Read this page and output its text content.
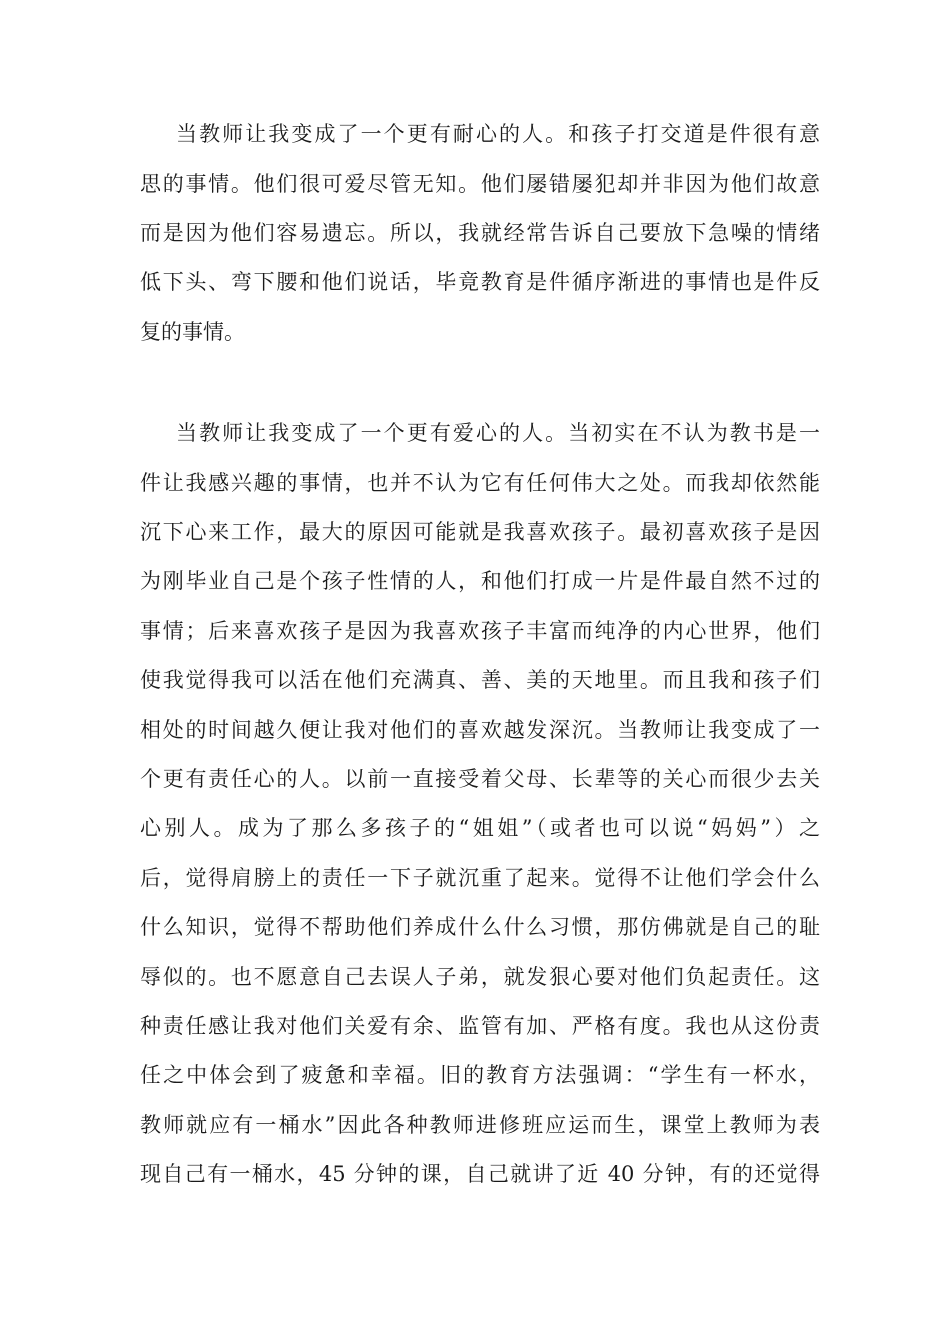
当教师让我变成了一个更有耐心的人。和孩子打交道是件很有意

思的事情。他们很可爱尽管无知。他们屡错屡犯却并非因为他们故意

而是因为他们容易遗忘。所以，我就经常告诉自己要放下急噪的情绪

低下头、弯下腰和他们说话，毕竟教育是件循序渐进的事情也是件反

复的事情。

当教师让我变成了一个更有爱心的人。当初实在不认为教书是一

件让我感兴趣的事情，也并不认为它有任何伟大之处。而我却依然能

沉下心来工作，最大的原因可能就是我喜欢孩子。最初喜欢孩子是因

为刚毕业自己是个孩子性情的人，和他们打成一片是件最自然不过的

事情；后来喜欢孩子是因为我喜欢孩子丰富而纯净的内心世界，他们

使我觉得我可以活在他们充满真、善、美的天地里。而且我和孩子们

相处的时间越久便让我对他们的喜欢越发深沉。当教师让我变成了一

个更有责任心的人。以前一直接受着父母、长辈等的关心而很少去关

心别人。成为了那么多孩子的“姐姐”（或者也可以说“妈妈”）之

后，觉得肩膀上的责任一下子就沉重了起来。觉得不让他们学会什么

什么知识，觉得不帮助他们养成什么什么习惯，那仿佛就是自己的耻

辱似的。也不愿意自己去误人子弟，就发狠心要对他们负起责任。这

种责任感让我对他们关爱有余、监管有加、严格有度。我也从这份责

任之中体会到了疲惫和幸福。旧的教育方法强调：“学生有一杯水，

教师就应有一桶水”因此各种教师进修班应运而生，课堂上教师为表

现自己有一桶水，45 分钟的课，自己就讲了近 40 分钟，有的还觉得
